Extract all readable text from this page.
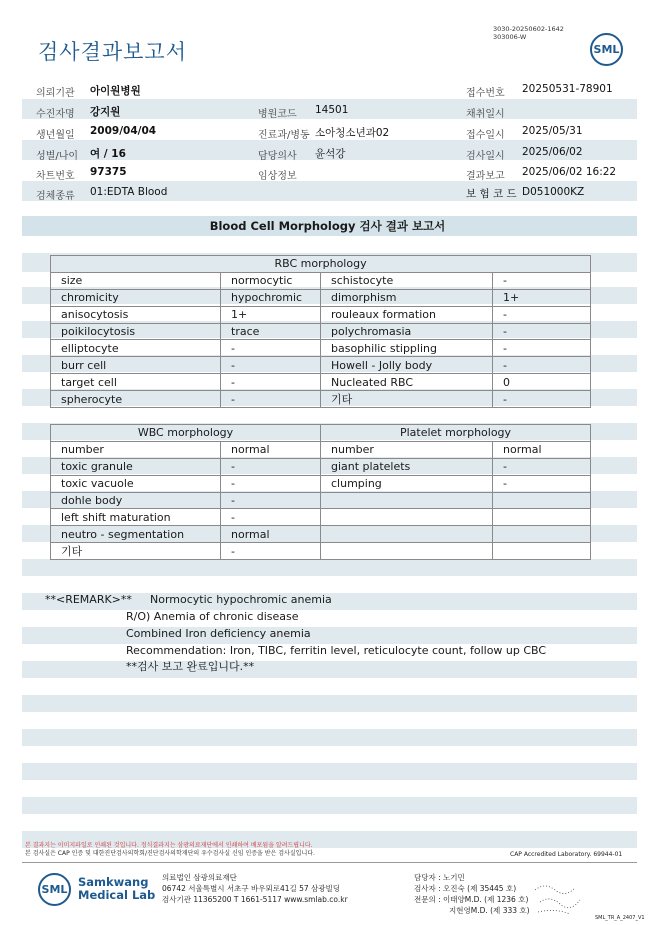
검사결과보고서
3030-20250602-1642
303006-W
SML
의뢰기관 아이원병원	접수번호 20250531-78901
수진자명 강지원	병원코드 14501	채취일시
생년월일 2009/04/04	진료과/병동 소아청소년과02	접수일시 2025/05/31
성별/나이 여 / 16	담당의사 윤석강	검사일시 2025/06/02
차트번호 97375	임상정보	결과보고 2025/06/02 16:22
검체종류 01:EDTA Blood	보 험 코 드 D051000KZ
Blood Cell Morphology 검사 결과 보고서
RBC morphology			
size	normocytic	schistocyte	-
chromicity	hypochromic	dimorphism	1+
anisocytosis	1+	rouleaux formation	-
poikilocytosis	trace	polychromasia	-
elliptocyte	-	basophilic stippling	-
burr cell	-	Howell - Jolly body	-
target cell	-	Nucleated RBC	0
spherocyte	-	기타	-
WBC morphology		Platelet morphology	
number	normal	number	normal
toxic granule	-	giant platelets	-
toxic vacuole	-	clumping	-
dohle body	-		
left shift maturation	-		
neutro - segmentation	normal		
기타	-		
**<REMARK>** Normocytic hypochromic anemia
R/O) Anemia of chronic disease
Combined Iron deficiency anemia
Recommendation: Iron, TIBC, ferritin level, reticulocyte count, follow up CBC
**검사 보고 완료입니다.**
본 결과지는 이미지파일로 인쇄된 것입니다. 정식결과지는 삼광의료재단에서 인쇄하여 배포됨을 알려드립니다.
본 검사실은 CAP 인증 및 대한진단검사의학회/진단검사의학재단의 우수검사실 신임 인증을 받은 검사실입니다.	CAP Accredited Laboratory. 69944-01
SML
Samkwang
Medical Lab
의료법인 삼광의료재단
06742 서울특별시 서초구 바우뫼로41길 57 삼광빌딩
검사기관 11365200 T 1661-5117 www.smlab.co.kr
담당자 : 노기민
검사자 : 오진숙 (제 35445 호)
전문의 : 이태양M.D. (제 1236 호)
지현영M.D. (제 333 호)
SML_TR_A_2407_V1
